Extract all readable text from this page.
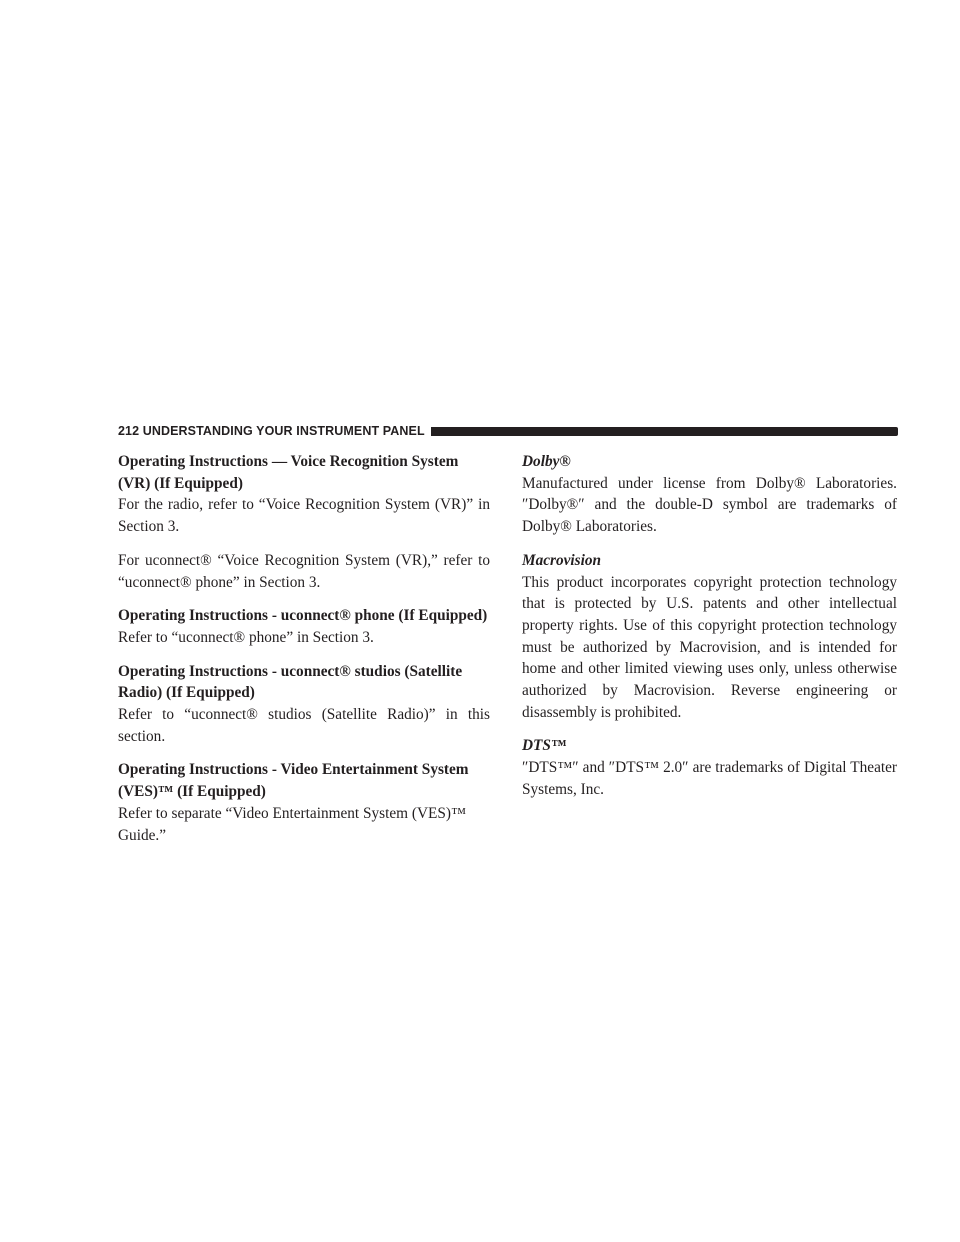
212 UNDERSTANDING YOUR INSTRUMENT PANEL
Operating Instructions — Voice Recognition System (VR) (If Equipped)
For the radio, refer to “Voice Recognition System (VR)” in Section 3.
For uconnect® “Voice Recognition System (VR),” refer to “uconnect® phone” in Section 3.
Operating Instructions - uconnect® phone (If Equipped)
Refer to “uconnect® phone” in Section 3.
Operating Instructions - uconnect® studios (Satellite Radio) (If Equipped)
Refer to “uconnect® studios (Satellite Radio)” in this section.
Operating Instructions - Video Entertainment System (VES)™ (If Equipped)
Refer to separate “Video Entertainment System (VES)™ Guide.”
Dolby®
Manufactured under license from Dolby® Laboratories. ″Dolby®″ and the double-D symbol are trademarks of Dolby® Laboratories.
Macrovision
This product incorporates copyright protection technology that is protected by U.S. patents and other intellectual property rights. Use of this copyright protection technology must be authorized by Macrovision, and is intended for home and other limited viewing uses only, unless otherwise authorized by Macrovision. Reverse engineering or disassembly is prohibited.
DTS™
″DTS™″ and ″DTS™ 2.0″ are trademarks of Digital Theater Systems, Inc.
